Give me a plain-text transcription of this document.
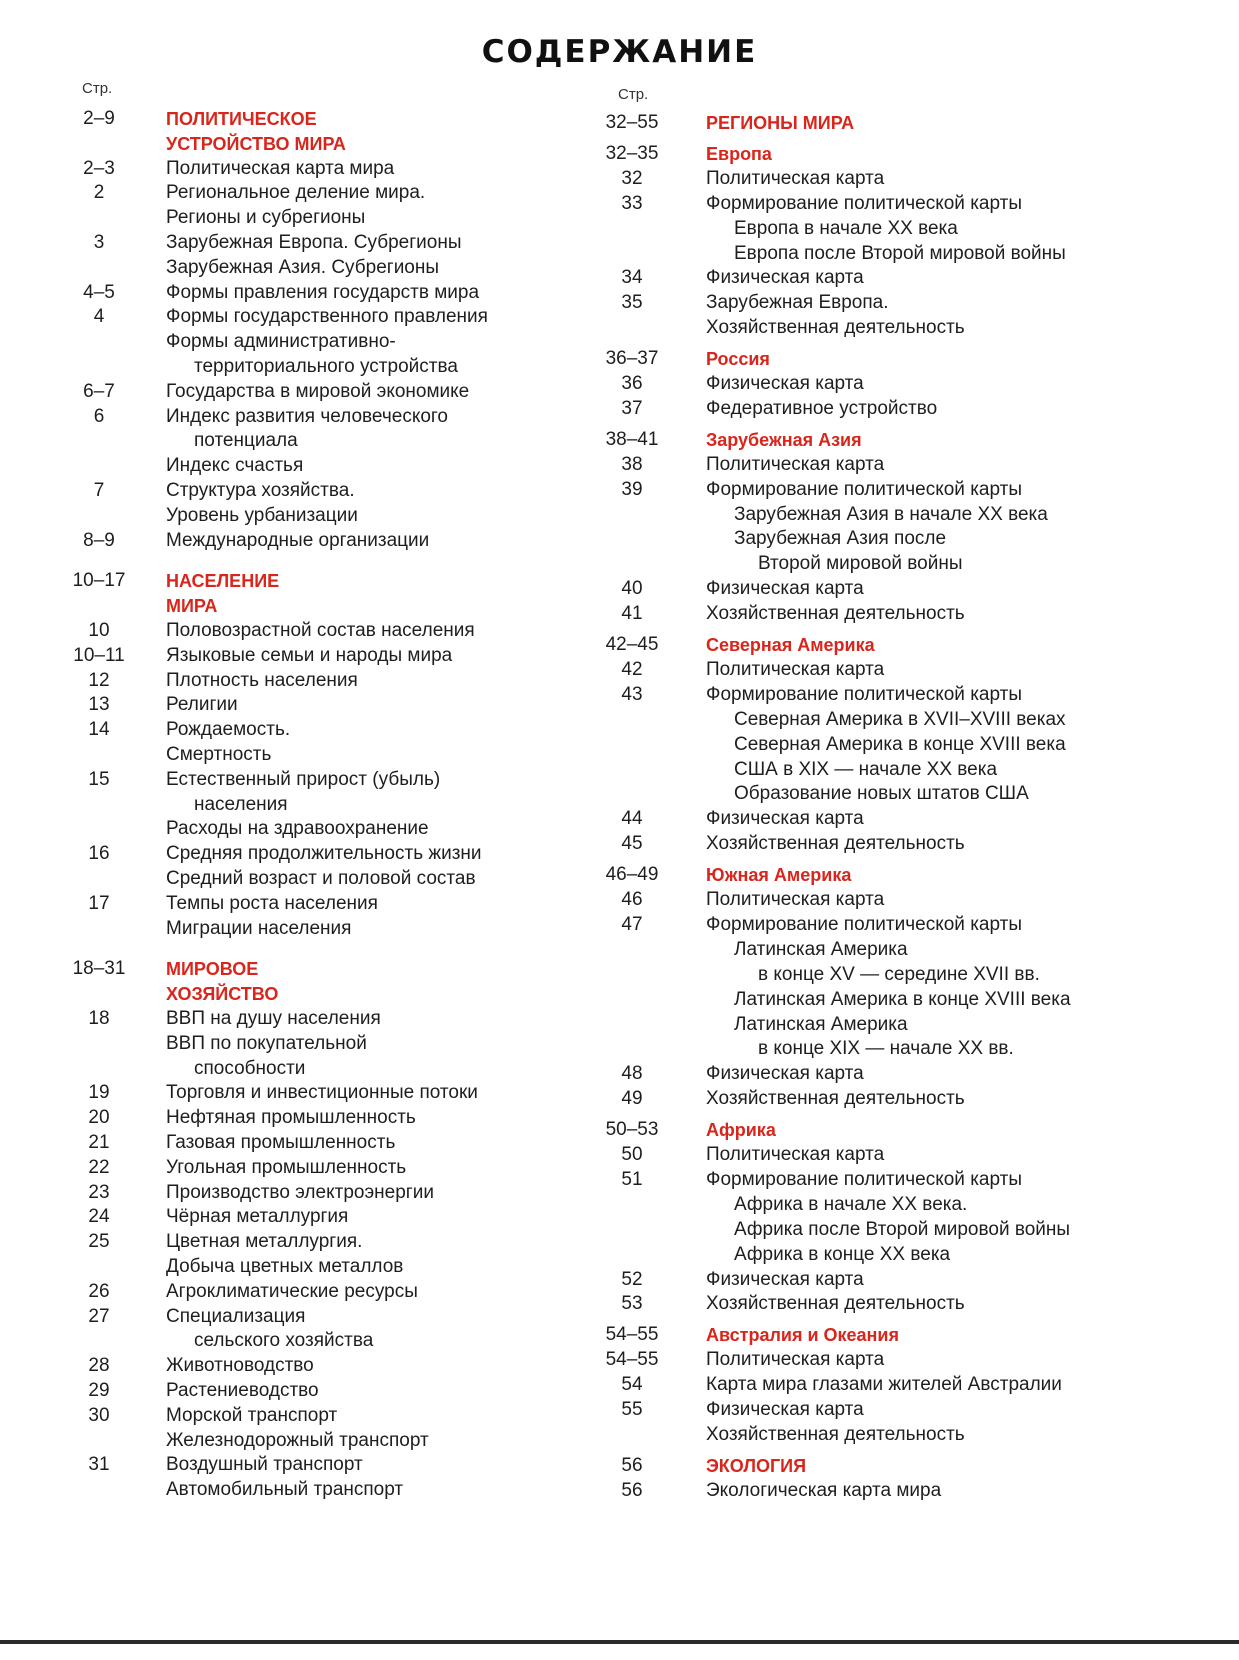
СОДЕРЖАНИЕ
Стр.
2–9	ПОЛИТИЧЕСКОЕ
УСТРОЙСТВО МИРА
2–3	Политическая карта мира
2	Региональное деление мира.
Регионы и субрегионы
3	Зарубежная Европа. Субрегионы
Зарубежная Азия. Субрегионы
4–5	Формы правления государств мира
4	Формы государственного правления
Формы административно-
территориального устройства
6–7	Государства в мировой экономике
6	Индекс развития человеческого
потенциала
Индекс счастья
7	Структура хозяйства.
Уровень урбанизации
8–9	Международные организации
10–17	НАСЕЛЕНИЕ
МИРА
10	Половозрастной состав населения
10–11	Языковые семьи и народы мира
12	Плотность населения
13	Религии
14	Рождаемость.
Смертность
15	Естественный прирост (убыль)
населения
Расходы на здравоохранение
16	Средняя продолжительность жизни
Средний возраст и половой состав
17	Темпы роста населения
Миграции населения
18–31	МИРОВОЕ
ХОЗЯЙСТВО
18	ВВП на душу населения
ВВП по покупательной
способности
19	Торговля и инвестиционные потоки
20	Нефтяная промышленность
21	Газовая промышленность
22	Угольная промышленность
23	Производство электроэнергии
24	Чёрная металлургия
25	Цветная металлургия.
Добыча цветных металлов
26	Агроклиматические ресурсы
27	Специализация
сельского хозяйства
28	Животноводство
29	Растениеводство
30	Морской транспорт
Железнодорожный транспорт
31	Воздушный транспорт
Автомобильный транспорт
Стр.
32–55	РЕГИОНЫ МИРА
32–35	Европа
32	Политическая карта
33	Формирование политической карты
Европа в начале XX века
Европа после Второй мировой войны
34	Физическая карта
35	Зарубежная Европа.
Хозяйственная деятельность
36–37	Россия
36	Физическая карта
37	Федеративное устройство
38–41	Зарубежная Азия
38	Политическая карта
39	Формирование политической карты
Зарубежная Азия в начале XX века
Зарубежная Азия после
Второй мировой войны
40	Физическая карта
41	Хозяйственная деятельность
42–45	Северная Америка
42	Политическая карта
43	Формирование политической карты
Северная Америка в XVII–XVIII веках
Северная Америка в конце XVIII века
США в XIX — начале XX века
Образование новых штатов США
44	Физическая карта
45	Хозяйственная деятельность
46–49	Южная Америка
46	Политическая карта
47	Формирование политической карты
Латинская Америка
в конце XV — середине XVII вв.
Латинская Америка в конце XVIII века
Латинская Америка
в конце XIX — начале XX вв.
48	Физическая карта
49	Хозяйственная деятельность
50–53	Африка
50	Политическая карта
51	Формирование политической карты
Африка в начале XX века.
Африка после Второй мировой войны
Африка в конце XX века
52	Физическая карта
53	Хозяйственная деятельность
54–55	Австралия и Океания
54–55	Политическая карта
54	Карта мира глазами жителей Австралии
55	Физическая карта
Хозяйственная деятельность
56	ЭКОЛОГИЯ
56	Экологическая карта мира
